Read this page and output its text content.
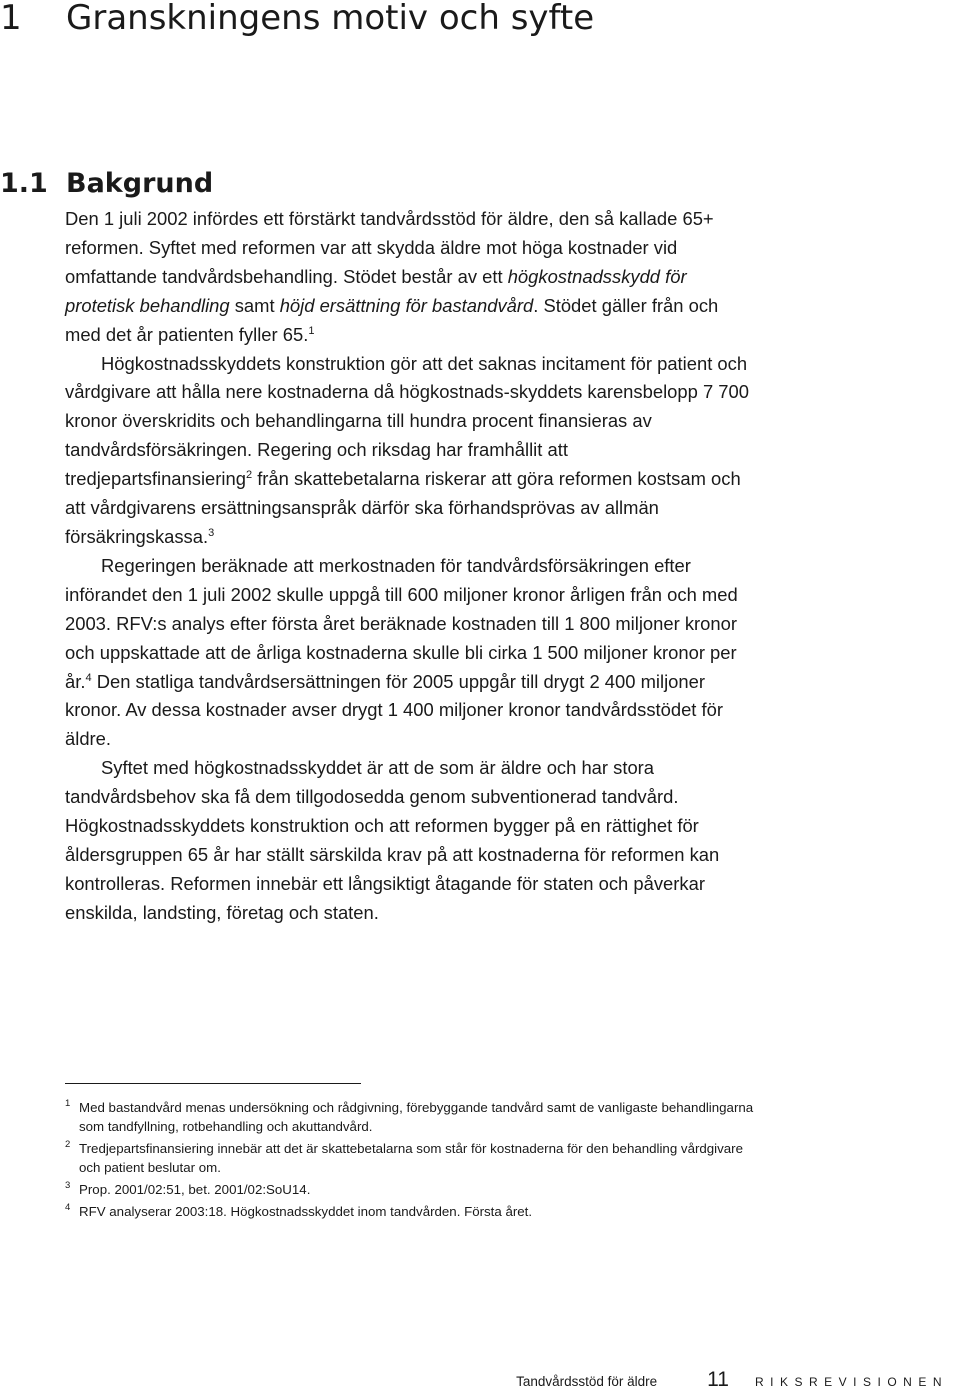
1 Granskningens motiv och syfte
1.1 Bakgrund

Den 1 juli 2002 infördes ett förstärkt tandvårdsstöd för äldre, den så kallade 65+ reformen. Syftet med reformen var att skydda äldre mot höga kostnader vid omfattande tandvårdsbehandling. Stödet består av ett högkostnadsskydd för protetisk behandling samt höjd ersättning för bastandvård. Stödet gäller från och med det år patienten fyller 65.$^1$

Högkostnadsskyddets konstruktion gör att det saknas incitament för patient och vårdgivare att hålla nere kostnaderna då högkostnads-skyddets karensbelopp 7 700 kronor överskridits och behandlingarna till hundra procent finansieras av tandvårdsförsäkringen. Regering och riksdag har framhållit att tredjepartsfinansiering$^2$ från skattebetalarna riskerar att göra reformen kostsam och att vårdgivarens ersättningsanspråk därför ska förhandsprövas av allmän försäkringskassa.$^3$

Regeringen beräknade att merkostnaden för tandvårdsförsäkringen efter införandet den 1 juli 2002 skulle uppgå till 600 miljoner kronor årligen från och med 2003. RFV:s analys efter första året beräknade kostnaden till 1 800 miljoner kronor och uppskattade att de årliga kostnaderna skulle bli cirka 1 500 miljoner kronor per år.$^4$ Den statliga tandvårdsersättningen för 2005 uppgår till drygt 2 400 miljoner kronor. Av dessa kostnader avser drygt 1 400 miljoner kronor tandvårdsstödet för äldre.

Syftet med högkostnadsskyddet är att de som är äldre och har stora tandvårdsbehov ska få dem tillgodosedda genom subventionerad tandvård. Högkostnadsskyddets konstruktion och att reformen bygger på en rättighet för åldersgruppen 65 år har ställt särskilda krav på att kostnaderna för reformen kan kontrolleras. Reformen innebär ett långsiktigt åtagande för staten och påverkar enskilda, landsting, företag och staten.

1 Med bastandvård menas undersökning och rådgivning, förebyggande tandvård samt de vanligaste behandlingarna som tandfyllning, rotbehandling och akuttandvård.
2 Tredjepartsfinansiering innebär att det är skattebetalarna som står för kostnaderna för den behandling vårdgivare och patient beslutar om.
3 Prop. 2001/02:51, bet. 2001/02:SoU14.
4 RFV analyserar 2003:18. Högkostnadsskyddet inom tandvården. Första året.
Tandvårdsstöd för äldre 11 RIKSREVISIONEN
